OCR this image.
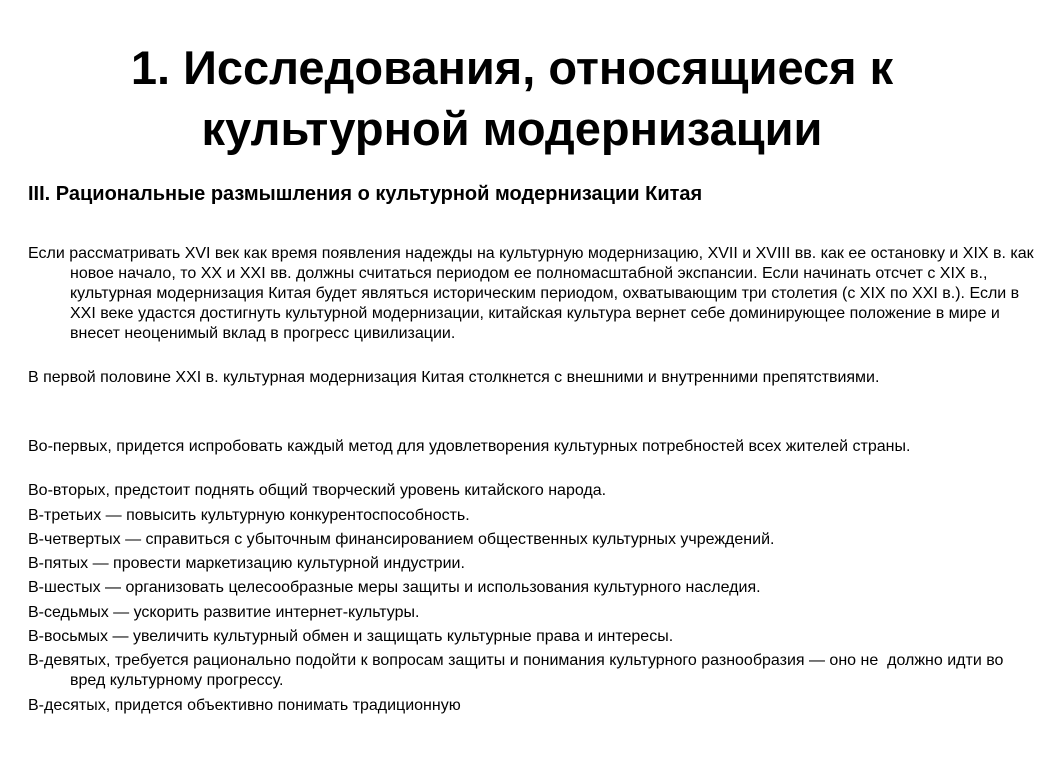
1. Исследования, относящиеся к
культурной модернизации
III. Рациональные размышления о культурной модернизации Китая

Если рассматривать XVI век как время появления надежды на культурную модернизацию, XVII и XVIII вв. как ее остановку и XIX в. как новое начало, то XX и XXI вв. должны считаться периодом ее полномасштабной экспансии. Если начинать отсчет с XIX в., культурная модернизация Китая будет являться историческим периодом, охватывающим три столетия (с XIX по XXI в.). Если в XXI веке удастся достигнуть культурной модернизации, китайская культура вернет себе доминирующее положение в мире и внесет неоценимый вклад в прогресс цивилизации.

В первой половине XXI в. культурная модернизация Китая столкнется с внешними и внутренними препятствиями.

Во-первых, придется испробовать каждый метод для удовлетворения культурных потребностей всех жителей страны.

Во-вторых, предстоит поднять общий творческий уровень китайского народа.

В-третьих — повысить культурную конкурентоспособность.

В-четвертых — справиться с убыточным финансированием общественных культурных учреждений.

В-пятых — провести маркетизацию культурной индустрии.

В-шестых — организовать целесообразные меры защиты и использования культурного наследия.

В-седьмых — ускорить развитие интернет-культуры.

В-восьмых — увеличить культурный обмен и защищать культурные права и интересы.

В-девятых, требуется рационально подойти к вопросам защиты и понимания культурного разнообразия — оно не  должно идти во  вред культурному прогрессу.

В-десятых, придется объективно понимать традиционную
